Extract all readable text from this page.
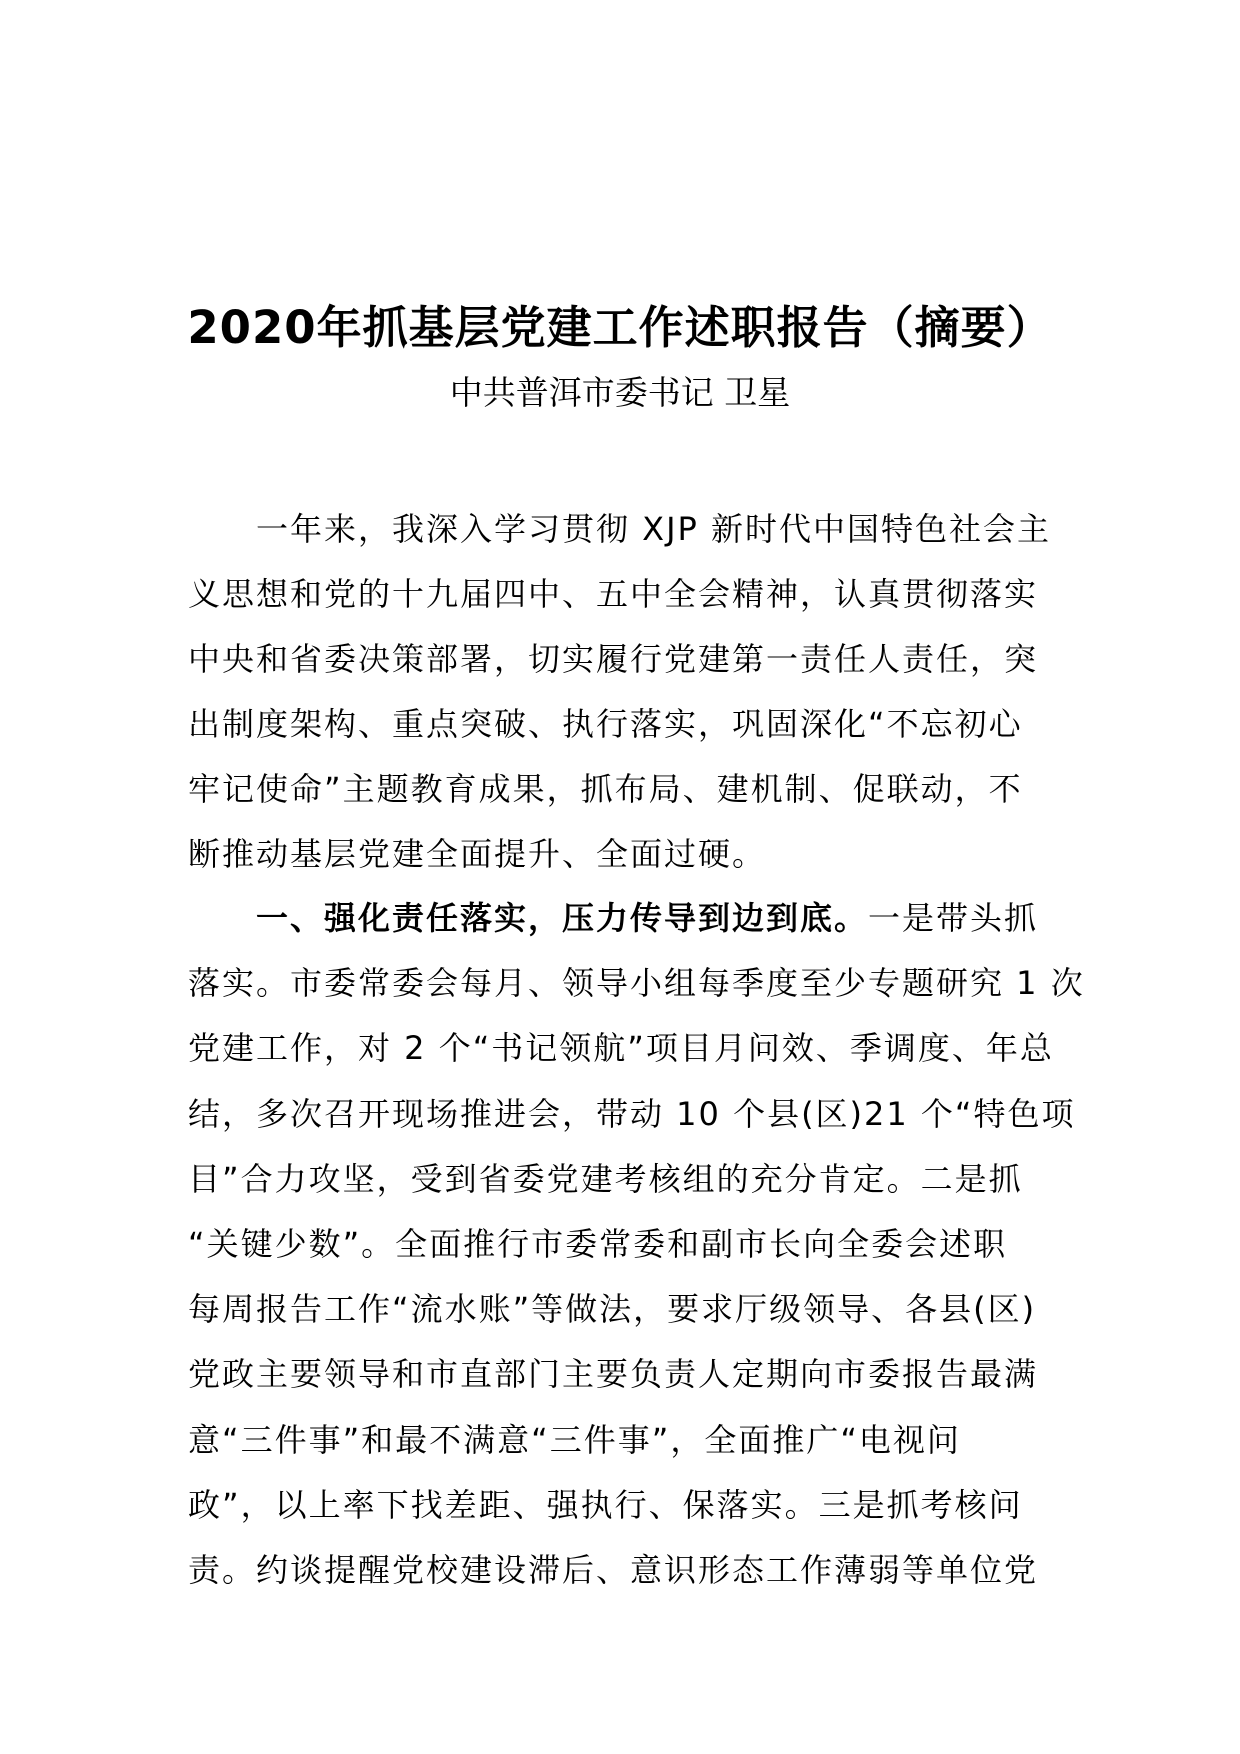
2020年抓基层党建工作述职报告（摘要）

中共普洱市委书记 卫星

一年来，我深入学习贯彻 XJP 新时代中国特色社会主
义思想和党的十九届四中、五中全会精神，认真贯彻落实
中央和省委决策部署，切实履行党建第一责任人责任，突
出制度架构、重点突破、执行落实，巩固深化“不忘初心
牢记使命”主题教育成果，抓布局、建机制、促联动，不
断推动基层党建全面提升、全面过硬。
一、强化责任落实，压力传导到边到底。一是带头抓
落实。市委常委会每月、领导小组每季度至少专题研究 1 次
党建工作，对 2 个“书记领航”项目月问效、季调度、年总
结，多次召开现场推进会，带动 10 个县(区)21 个“特色项
目”合力攻坚，受到省委党建考核组的充分肯定。二是抓
“关键少数”。全面推行市委常委和副市长向全委会述职
每周报告工作“流水账”等做法，要求厅级领导、各县(区)
党政主要领导和市直部门主要负责人定期向市委报告最满
意“三件事”和最不满意“三件事”，全面推广“电视问
政”，以上率下找差距、强执行、保落实。三是抓考核问
责。约谈提醒党校建设滞后、意识形态工作薄弱等单位党
